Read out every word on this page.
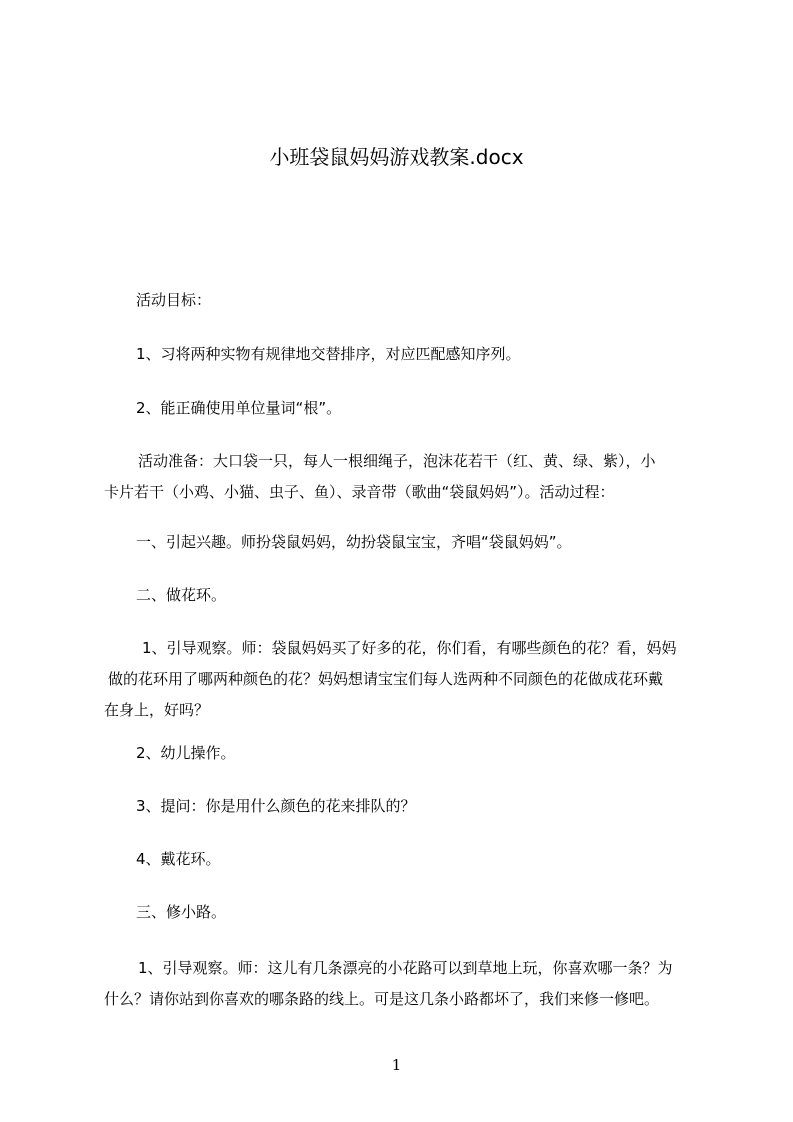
小班袋鼠妈妈游戏教案.docx

活动目标：

1、习将两种实物有规律地交替排序，对应匹配感知序列。

2、能正确使用单位量词“根”。

活动准备：大口袋一只，每人一根细绳子，泡沫花若干（红、黄、绿、紫），小
卡片若干（小鸡、小猫、虫子、鱼）、录音带（歌曲“袋鼠妈妈”）。活动过程：

一、引起兴趣。师扮袋鼠妈妈，幼扮袋鼠宝宝，齐唱“袋鼠妈妈”。

二、做花环。

1、引导观察。师：袋鼠妈妈买了好多的花，你们看，有哪些颜色的花？看，妈妈
做的花环用了哪两种颜色的花？妈妈想请宝宝们每人选两种不同颜色的花做成花环戴
在身上，好吗？

2、幼儿操作。

3、提问：你是用什么颜色的花来排队的？

4、戴花环。

三、修小路。

1、引导观察。师：这儿有几条漂亮的小花路可以到草地上玩，你喜欢哪一条？为
什么？请你站到你喜欢的哪条路的线上。可是这几条小路都坏了，我们来修一修吧。

1
